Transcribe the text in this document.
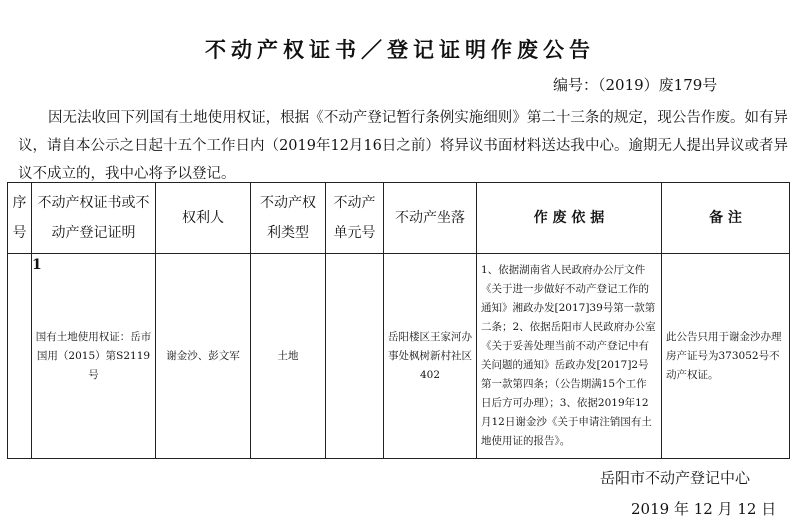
不动产权证书／登记证明作废公告
编号：（2019）废179号

因无法收回下列国有土地使用权证，根据《不动产登记暂行条例实施细则》第二十三条的规定，现公告作废。如有异议，请自本公示之日起十五个工作日内（2019年12月16日之前）将异议书面材料送达我中心。逾期无人提出异议或者异议不成立的，我中心将予以登记。

序号	不动产权证书或不动产登记证明	权利人	不动产权利类型	不动产单元号	不动产坐落	作 废 依 据	备 注

1	国有土地使用权证：岳市国用（2015）第S2119号	谢金沙、彭文军	土地		岳阳楼区王家河办事处枫树新村社区402	1、依据湖南省人民政府办公厅文件《关于进一步做好不动产登记工作的通知》湘政办发[2017]39号第一款第二条；2、依据岳阳市人民政府办公室《关于妥善处理当前不动产登记中有关问题的通知》岳政办发[2017]2号第一款第四条；（公告期满15个工作日后方可办理）；3、依据2019年12月12日谢金沙《关于申请注销国有土地使用证的报告》。	此公告只用于谢金沙办理房产证号为373052号不动产权证。
岳阳市不动产登记中心
2019 年 12 月 12 日
